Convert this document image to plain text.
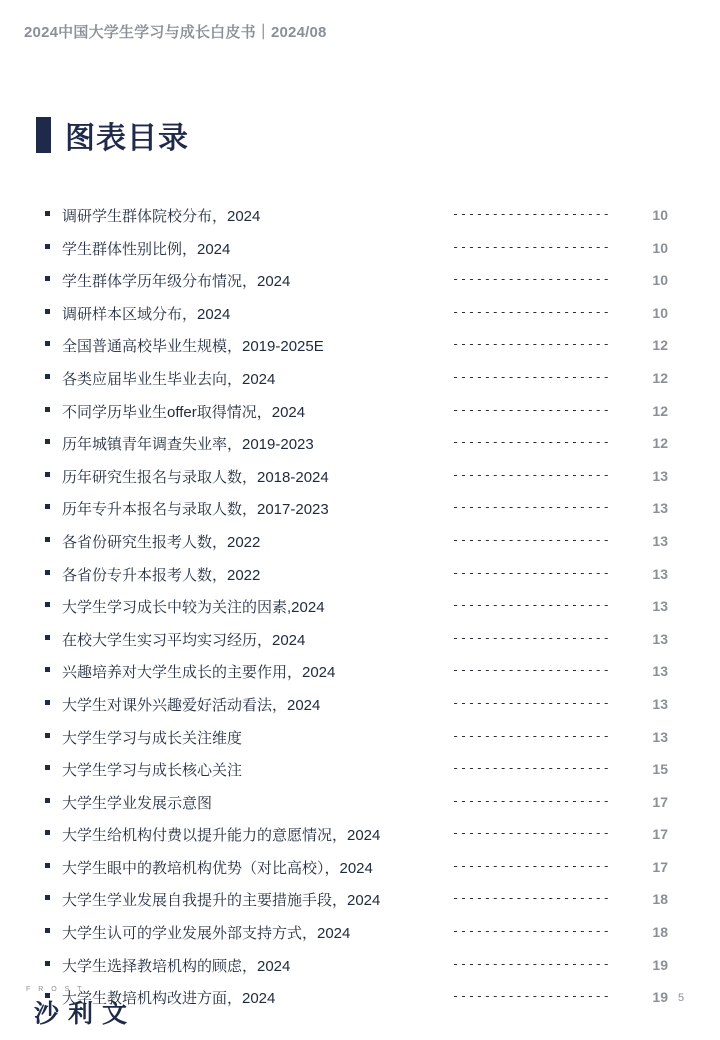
2024中国大学生学习与成长白皮书｜2024/08
图表目录
调研学生群体院校分布，2024	--------------------	10
学生群体性别比例，2024	--------------------	10
学生群体学历年级分布情况，2024	--------------------	10
调研样本区域分布，2024	--------------------	10
全国普通高校毕业生规模，2019-2025E	--------------------	12
各类应届毕业生毕业去向，2024	--------------------	12
不同学历毕业生offer取得情况，2024	--------------------	12
历年城镇青年调查失业率，2019-2023	--------------------	12
历年研究生报名与录取人数，2018-2024	--------------------	13
历年专升本报名与录取人数，2017-2023	--------------------	13
各省份研究生报考人数，2022	--------------------	13
各省份专升本报考人数，2022	--------------------	13
大学生学习成长中较为关注的因素,2024	--------------------	13
在校大学生实习平均实习经历，2024	--------------------	13
兴趣培养对大学生成长的主要作用，2024	--------------------	13
大学生对课外兴趣爱好活动看法，2024	--------------------	13
大学生学习与成长关注维度	--------------------	13
大学生学习与成长核心关注	--------------------	15
大学生学业发展示意图	--------------------	17
大学生给机构付费以提升能力的意愿情况，2024	--------------------	17
大学生眼中的教培机构优势（对比高校），2024	--------------------	17
大学生学业发展自我提升的主要措施手段，2024	--------------------	18
大学生认可的学业发展外部支持方式，2024	--------------------	18
大学生选择教培机构的顾虑，2024	--------------------	19
大学生教培机构改进方面，2024	--------------------	19
F R O S T
沙利文
5
